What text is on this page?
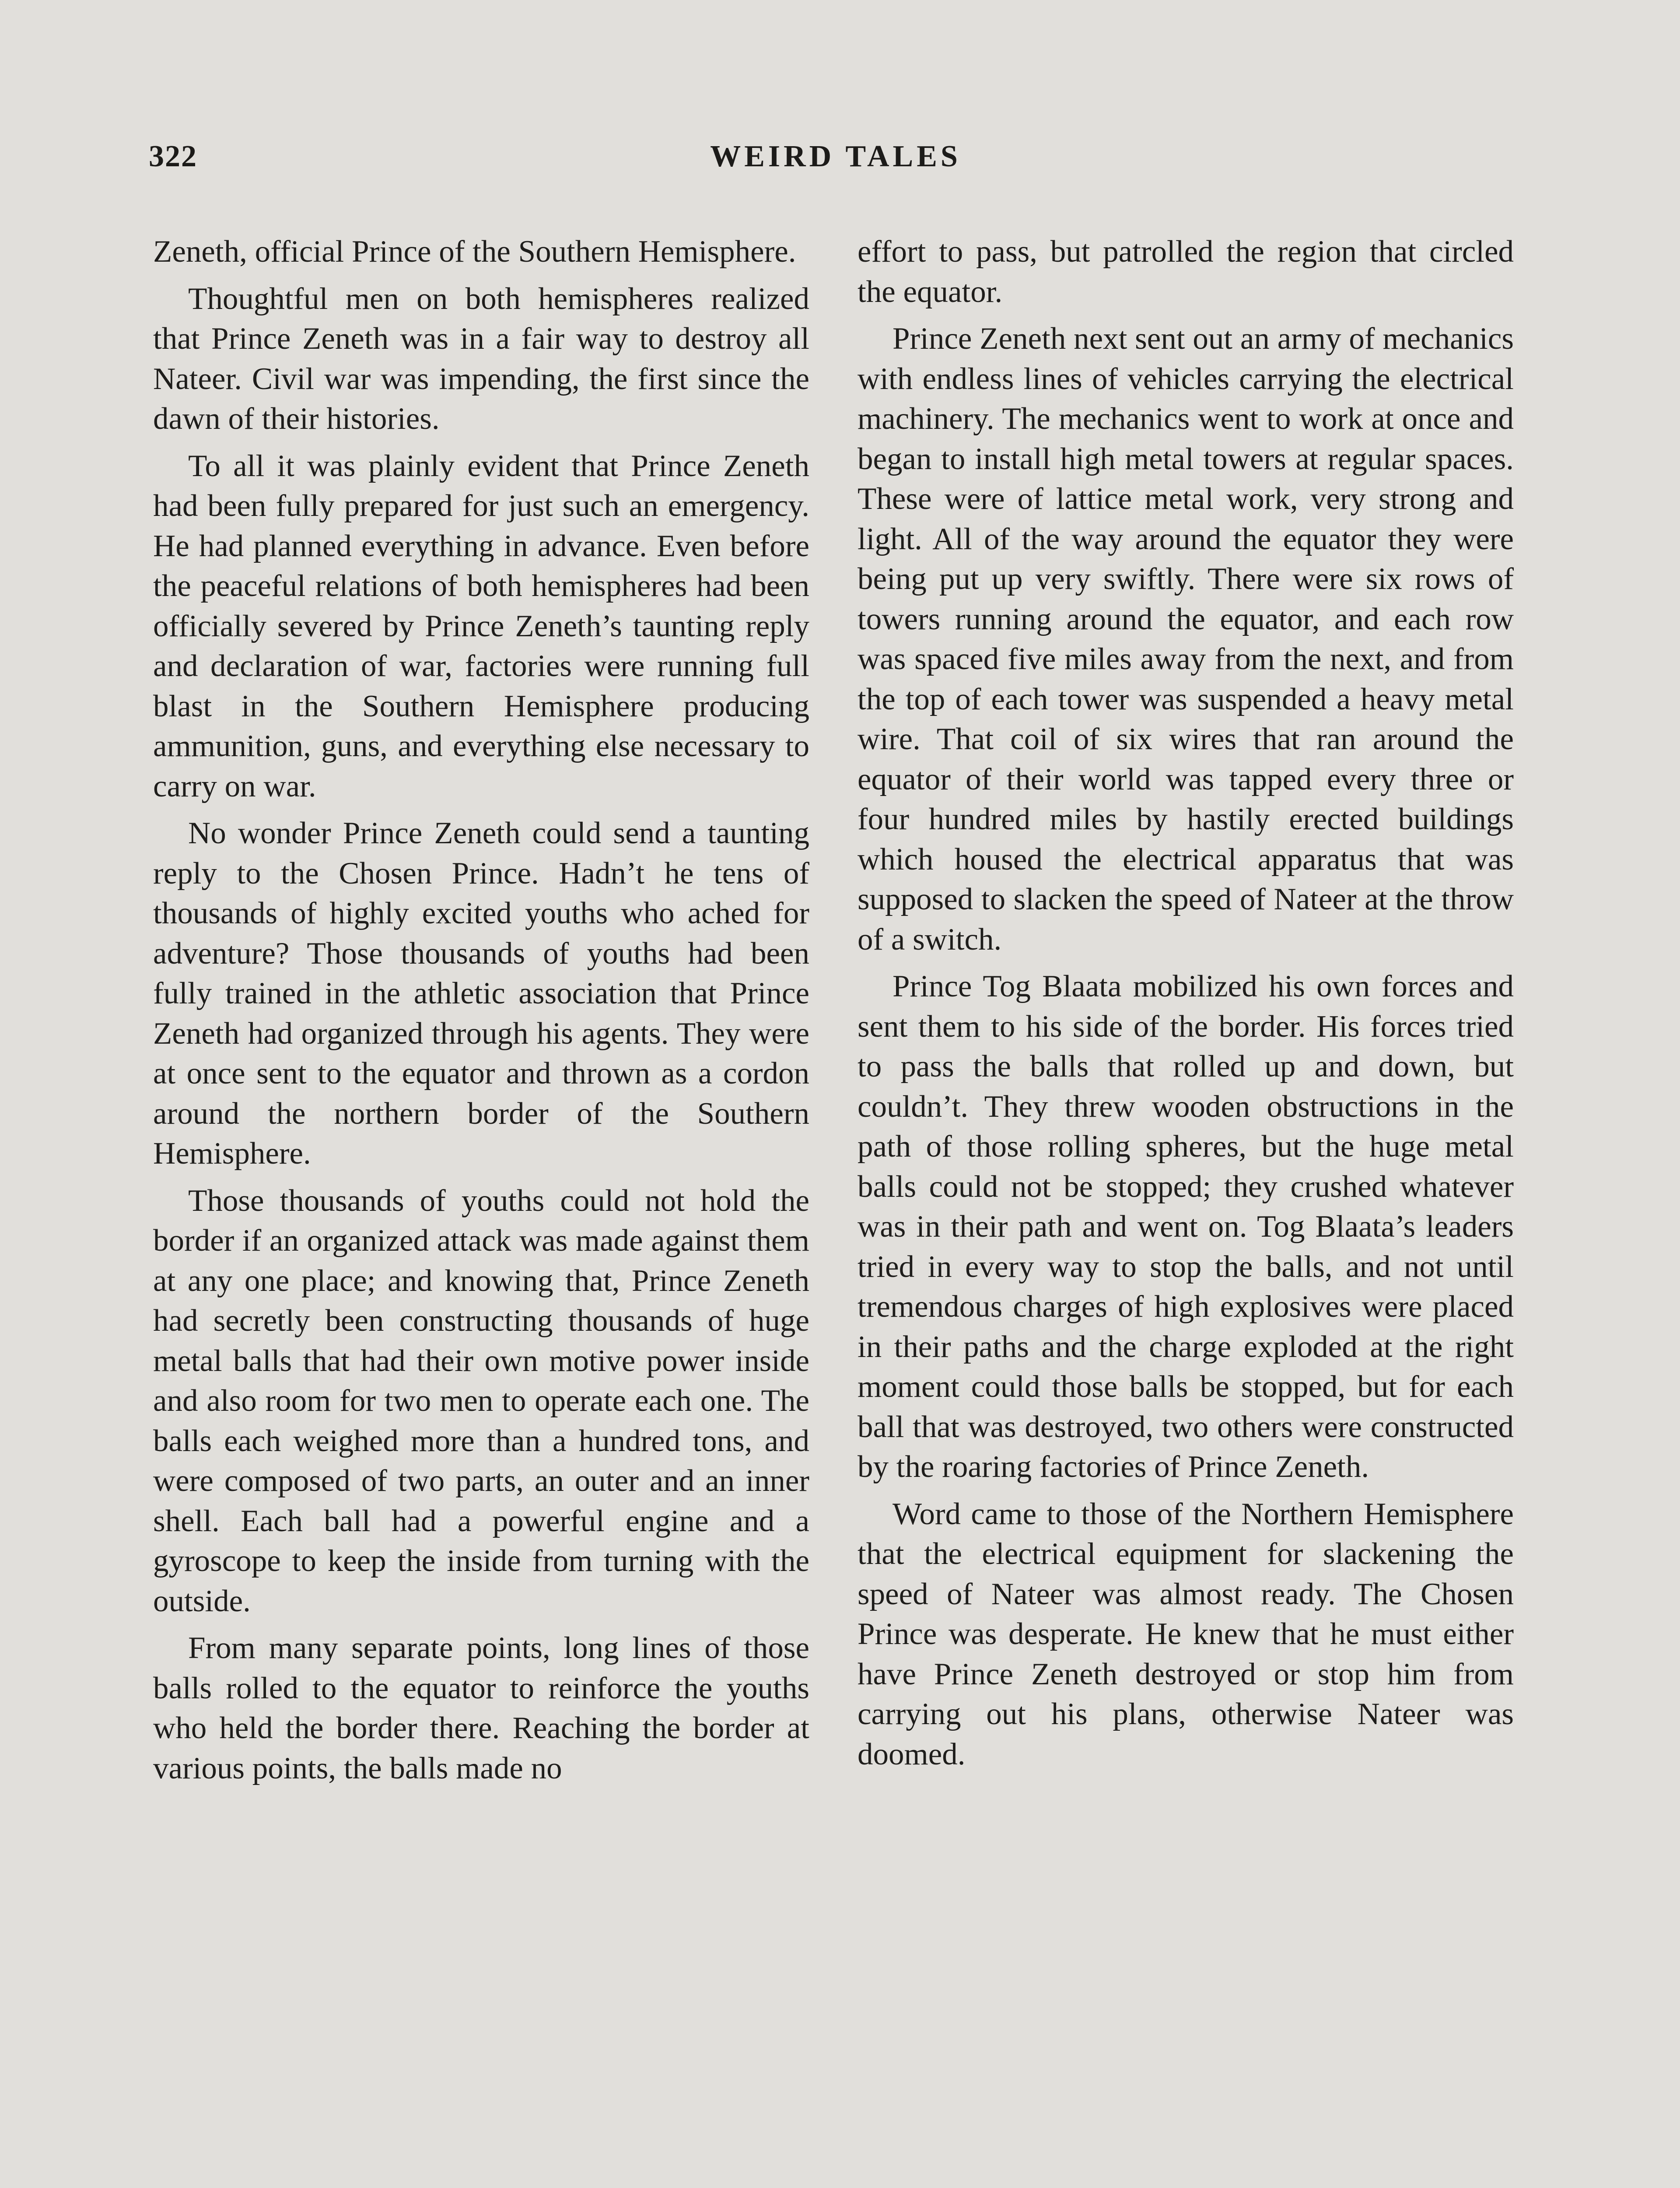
322	WEIRD TALES

Zeneth, official Prince of the Southern Hemisphere.

Thoughtful men on both hemispheres realized that Prince Zeneth was in a fair way to destroy all Nateer. Civil war was impending, the first since the dawn of their histories.

To all it was plainly evident that Prince Zeneth had been fully prepared for just such an emergency. He had planned everything in advance. Even before the peaceful relations of both hemispheres had been officially severed by Prince Zeneth’s taunting reply and declaration of war, factories were running full blast in the Southern Hemisphere producing ammunition, guns, and everything else necessary to carry on war.

No wonder Prince Zeneth could send a taunting reply to the Chosen Prince. Hadn’t he tens of thousands of highly excited youths who ached for adventure? Those thousands of youths had been fully trained in the athletic association that Prince Zeneth had organized through his agents. They were at once sent to the equator and thrown as a cordon around the northern border of the Southern Hemisphere.

Those thousands of youths could not hold the border if an organized attack was made against them at any one place; and knowing that, Prince Zeneth had secretly been constructing thousands of huge metal balls that had their own motive power inside and also room for two men to operate each one. The balls each weighed more than a hundred tons, and were composed of two parts, an outer and an inner shell. Each ball had a powerful engine and a gyroscope to keep the inside from turning with the outside.

From many separate points, long lines of those balls rolled to the equator to reinforce the youths who held the border there. Reaching the border at various points, the balls made no

effort to pass, but patrolled the region that circled the equator.

Prince Zeneth next sent out an army of mechanics with endless lines of vehicles carrying the electrical machinery. The mechanics went to work at once and began to install high metal towers at regular spaces. These were of lattice metal work, very strong and light. All of the way around the equator they were being put up very swiftly. There were six rows of towers running around the equator, and each row was spaced five miles away from the next, and from the top of each tower was suspended a heavy metal wire. That coil of six wires that ran around the equator of their world was tapped every three or four hundred miles by hastily erected buildings which housed the electrical apparatus that was supposed to slacken the speed of Nateer at the throw of a switch.

Prince Tog Blaata mobilized his own forces and sent them to his side of the border. His forces tried to pass the balls that rolled up and down, but couldn’t. They threw wooden obstructions in the path of those rolling spheres, but the huge metal balls could not be stopped; they crushed whatever was in their path and went on. Tog Blaata’s leaders tried in every way to stop the balls, and not until tremendous charges of high explosives were placed in their paths and the charge exploded at the right moment could those balls be stopped, but for each ball that was destroyed, two others were constructed by the roaring factories of Prince Zeneth.

Word came to those of the Northern Hemisphere that the electrical equipment for slackening the speed of Nateer was almost ready. The Chosen Prince was desperate. He knew that he must either have Prince Zeneth destroyed or stop him from carrying out his plans, otherwise Nateer was doomed.
